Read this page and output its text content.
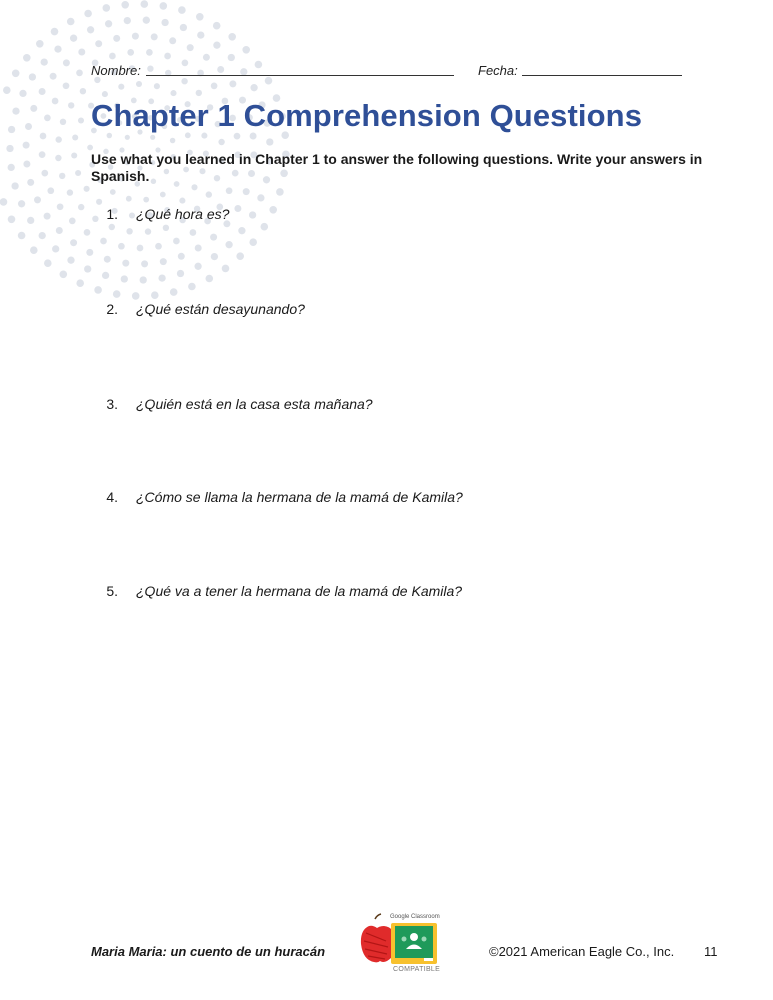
Nombre:	Fecha:
Chapter 1 Comprehension Questions

Use what you learned in Chapter 1 to answer the following questions. Write your answers in Spanish.

1. ¿Qué hora es?
2. ¿Qué están desayunando?
3. ¿Quién está en la casa esta mañana?
4. ¿Cómo se llama la hermana de la mamá de Kamila?
5. ¿Qué va a tener la hermana de la mamá de Kamila?
Maria Maria: un cuento de un huracán
Google Classroom
COMPATIBLE
©2021 American Eagle Co., Inc. 11
